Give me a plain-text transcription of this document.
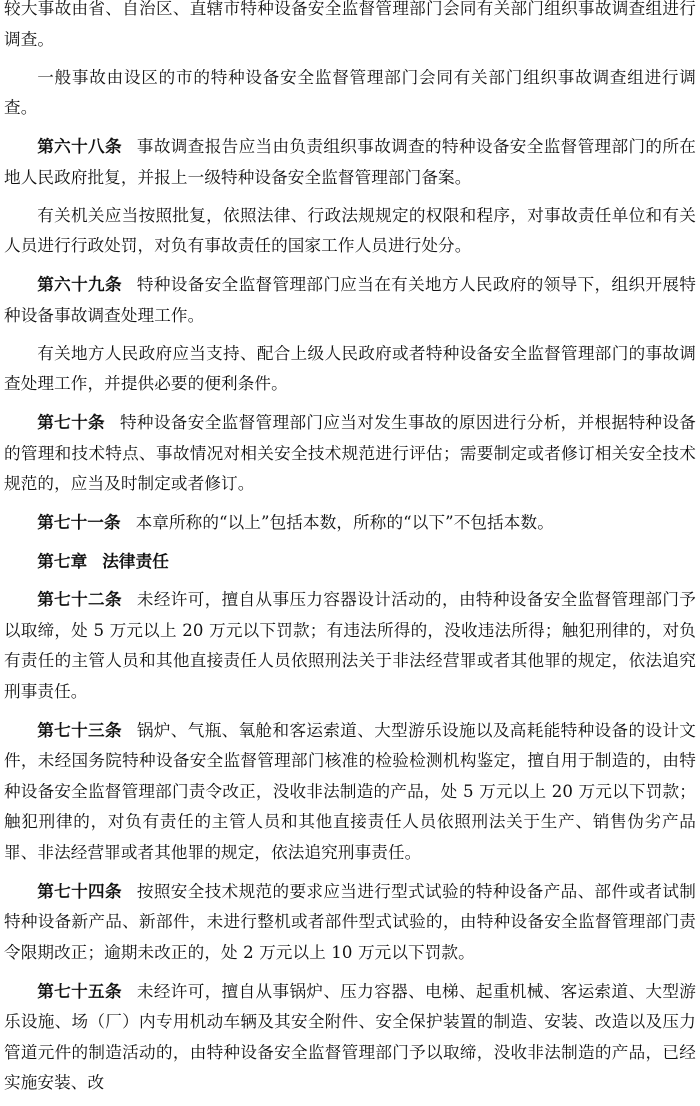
较大事故由省、自治区、直辖市特种设备安全监督管理部门会同有关部门组织事故调查组进行调查。

一般事故由设区的市的特种设备安全监督管理部门会同有关部门组织事故调查组进行调查。

第六十八条 事故调查报告应当由负责组织事故调查的特种设备安全监督管理部门的所在地人民政府批复，并报上一级特种设备安全监督管理部门备案。

有关机关应当按照批复，依照法律、行政法规规定的权限和程序，对事故责任单位和有关人员进行行政处罚，对负有事故责任的国家工作人员进行处分。

第六十九条 特种设备安全监督管理部门应当在有关地方人民政府的领导下，组织开展特种设备事故调查处理工作。

有关地方人民政府应当支持、配合上级人民政府或者特种设备安全监督管理部门的事故调查处理工作，并提供必要的便利条件。

第七十条 特种设备安全监督管理部门应当对发生事故的原因进行分析，并根据特种设备的管理和技术特点、事故情况对相关安全技术规范进行评估；需要制定或者修订相关安全技术规范的，应当及时制定或者修订。

第七十一条 本章所称的“以上”包括本数，所称的“以下”不包括本数。

第七章 法律责任

第七十二条 未经许可，擅自从事压力容器设计活动的，由特种设备安全监督管理部门予以取缔，处 5 万元以上 20 万元以下罚款；有违法所得的，没收违法所得；触犯刑律的，对负有责任的主管人员和其他直接责任人员依照刑法关于非法经营罪或者其他罪的规定，依法追究刑事责任。

第七十三条 锅炉、气瓶、氧舱和客运索道、大型游乐设施以及高耗能特种设备的设计文件，未经国务院特种设备安全监督管理部门核准的检验检测机构鉴定，擅自用于制造的，由特种设备安全监督管理部门责令改正，没收非法制造的产品，处 5 万元以上 20 万元以下罚款；触犯刑律的，对负有责任的主管人员和其他直接责任人员依照刑法关于生产、销售伪劣产品罪、非法经营罪或者其他罪的规定，依法追究刑事责任。

第七十四条 按照安全技术规范的要求应当进行型式试验的特种设备产品、部件或者试制特种设备新产品、新部件，未进行整机或者部件型式试验的，由特种设备安全监督管理部门责令限期改正；逾期未改正的，处 2 万元以上 10 万元以下罚款。

第七十五条 未经许可，擅自从事锅炉、压力容器、电梯、起重机械、客运索道、大型游乐设施、场（厂）内专用机动车辆及其安全附件、安全保护装置的制造、安装、改造以及压力管道元件的制造活动的，由特种设备安全监督管理部门予以取缔，没收非法制造的产品，已经实施安装、改
